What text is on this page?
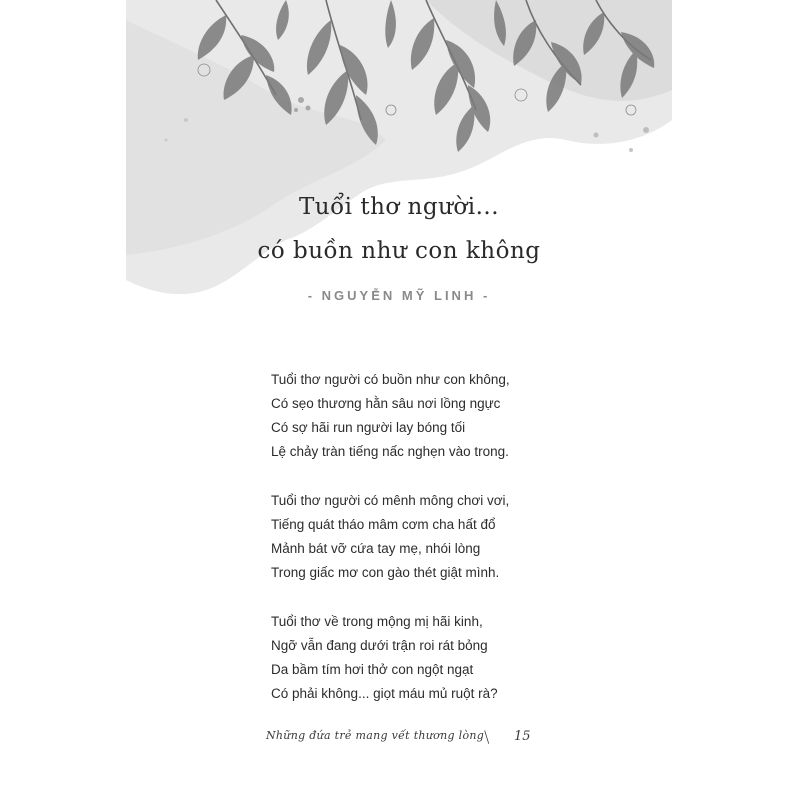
Tuổi thơ người...
có buồn như con không
- NGUYỄN MỸ LINH -
Tuổi thơ người có buồn như con không,
Có sẹo thương hằn sâu nơi lồng ngực
Có sợ hãi run người lay bóng tối
Lệ chảy tràn tiếng nấc nghẹn vào trong.
Tuổi thơ người có mênh mông chơi vơi,
Tiếng quát tháo mâm cơm cha hất đổ
Mảnh bát vỡ cứa tay mẹ, nhói lòng
Trong giấc mơ con gào thét giật mình.
Tuổi thơ về trong mộng mị hãi kinh,
Ngỡ vẫn đang dưới trận roi rát bỏng
Da bầm tím hơi thở con ngột ngạt
Có phải không... giọt máu mủ ruột rà?
Những đứa trẻ mang vết thương lòng \ 15
